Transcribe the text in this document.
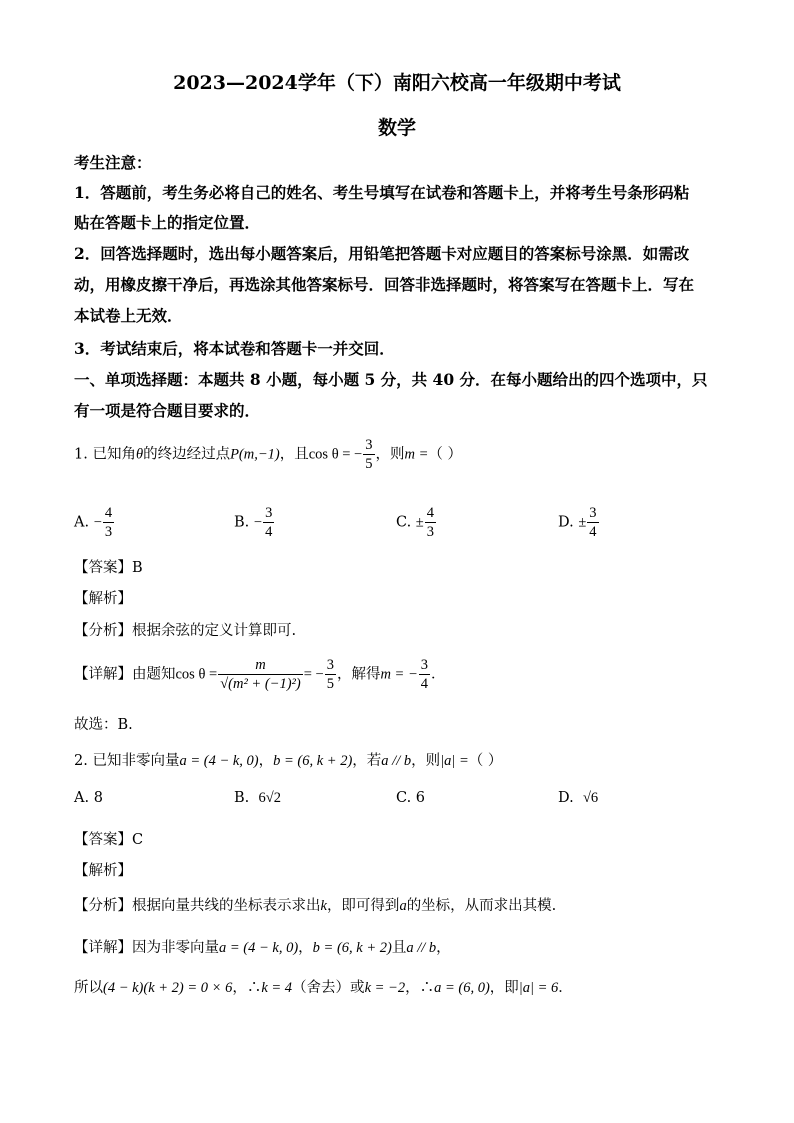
2023—2024学年（下）南阳六校高一年级期中考试
数学
考生注意：
1．答题前，考生务必将自己的姓名、考生号填写在试卷和答题卡上，并将考生号条形码粘
贴在答题卡上的指定位置．
2．回答选择题时，选出每小题答案后，用铅笔把答题卡对应题目的答案标号涂黑．如需改
动，用橡皮擦干净后，再选涂其他答案标号．回答非选择题时，将答案写在答题卡上．写在
本试卷上无效．
3．考试结束后，将本试卷和答题卡一并交回．
一、单项选择题：本题共 8 小题，每小题 5 分，共 40 分．在每小题给出的四个选项中，只
有一项是符合题目要求的．
1. 已知角θ的终边经过点P(m,−1)，且cos θ = − $\frac{3}{5}$ ，则m =（ ）
A. − $\frac{4}{3}$	B. − $\frac{3}{4}$	C. ± $\frac{4}{3}$	D. ± $\frac{3}{4}$
【答案】B
【解析】
【分析】根据余弦的定义计算即可.
【详解】由题知$\cos \theta = \frac{m}{\text{√(m² + (−1)²)}}$ = − $\frac{3}{5}$ ，解得m = − $\frac{3}{4}$ ．
故选：B.
2. 已知非零向量a = (4 − k, 0)，b = (6, k + 2)，若a // b，则|a| =（ ）
A. 8	B. 6√2	C. 6	D. √6
【答案】C
【解析】
【分析】根据向量共线的坐标表示求出k，即可得到a的坐标，从而求出其模.
【详解】因为非零向量a = (4 − k, 0)，b = (6, k + 2)且a // b，
所以(4 − k)(k + 2) = 0 × 6，∴k = 4（舍去）或k = −2，∴a = (6, 0)，即|a| = 6．
